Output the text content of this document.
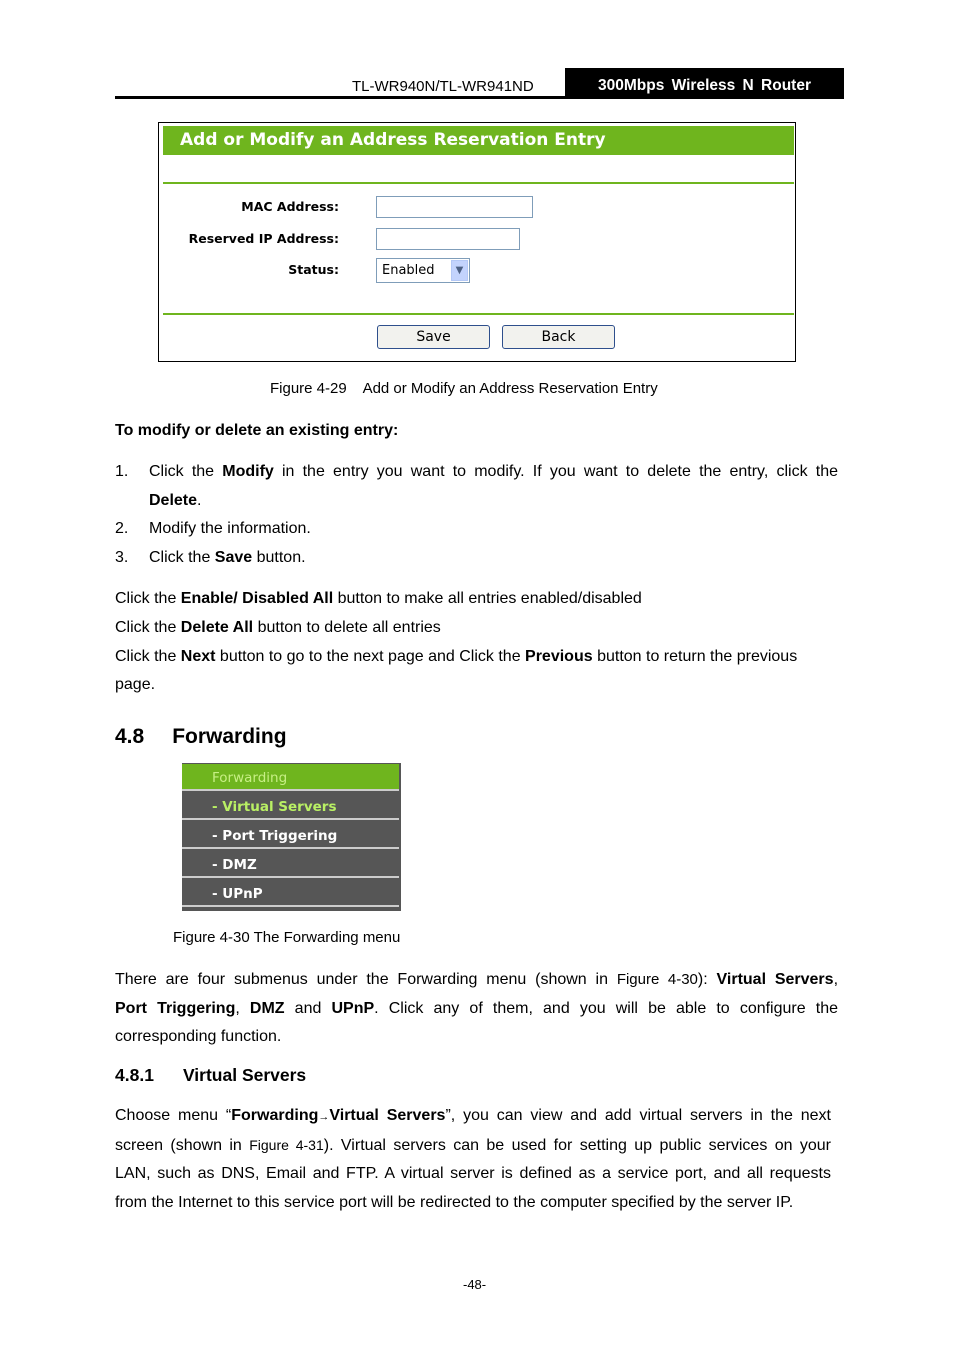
TL-WR940N/TL-WR941ND	300Mbps Wireless N Router
Add or Modify an Address Reservation Entry
MAC Address:
Reserved IP Address:
Status:	Enabled	▼
Save	Back
Figure 4-29 Add or Modify an Address Reservation Entry
To modify or delete an existing entry:
1. Click the Modify in the entry you want to modify. If you want to delete the entry, click the
Delete.
2. Modify the information.
3. Click the Save button.
Click the Enable/ Disabled All button to make all entries enabled/disabled
Click the Delete All button to delete all entries
Click the Next button to go to the next page and Click the Previous button to return the previous
page.
4.8 Forwarding
Forwarding
- Virtual Servers
- Port Triggering
- DMZ
- UPnP
Figure 4-30 The Forwarding menu
There are four submenus under the Forwarding menu (shown in Figure 4-30): Virtual Servers,
Port Triggering, DMZ and UPnP. Click any of them, and you will be able to configure the
corresponding function.
4.8.1 Virtual Servers
Choose menu “Forwarding→Virtual Servers”, you can view and add virtual servers in the next
screen (shown in Figure 4-31). Virtual servers can be used for setting up public services on your
LAN, such as DNS, Email and FTP. A virtual server is defined as a service port, and all requests
from the Internet to this service port will be redirected to the computer specified by the server IP.
-48-
